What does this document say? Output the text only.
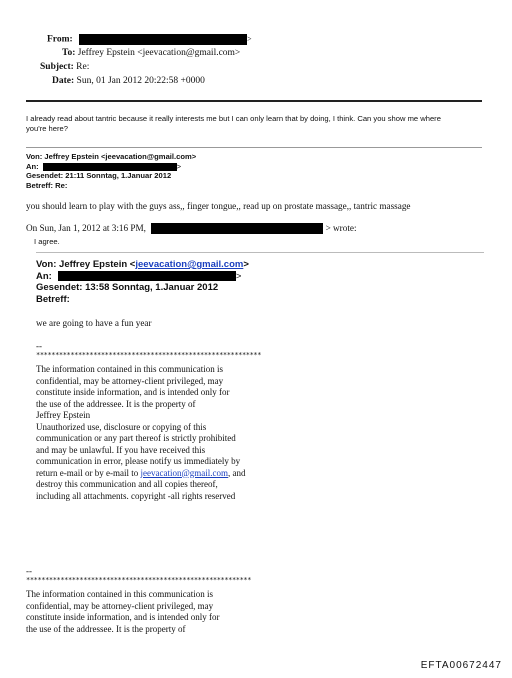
From:	>
To: Jeffrey Epstein <jeevacation@gmail.com>
Subject: Re:
Date: Sun, 01 Jan 2012 20:22:58 +0000
I already read about tantric because it really interests me but I can only learn that by doing, I think. Can you show me where
you're here?
Von: Jeffrey Epstein <jeevacation@gmail.com>
An:	>
Gesendet: 21:11 Sonntag, 1.Januar 2012
Betreff: Re:
you should learn to play with the guys ass,, finger tongue,, read up on prostate massage,, tantric massage
On Sun, Jan 1, 2012 at 3:16 PM,	> wrote:
I agree.
Von: Jeffrey Epstein <jeevacation@gmail.com>
An:	>
Gesendet: 13:58 Sonntag, 1.Januar 2012
Betreff:
we are going to have a fun year
--
***********************************************************
The information contained in this communication is
confidential, may be attorney-client privileged, may
constitute inside information, and is intended only for
the use of the addressee. It is the property of
Jeffrey Epstein
Unauthorized use, disclosure or copying of this
communication or any part thereof is strictly prohibited
and may be unlawful. If you have received this
communication in error, please notify us immediately by
return e-mail or by e-mail to jeevacation@gmail.com, and
destroy this communication and all copies thereof,
including all attachments. copyright -all rights reserved
--
***********************************************************
The information contained in this communication is
confidential, may be attorney-client privileged, may
constitute inside information, and is intended only for
the use of the addressee. It is the property of
EFTA00672447
